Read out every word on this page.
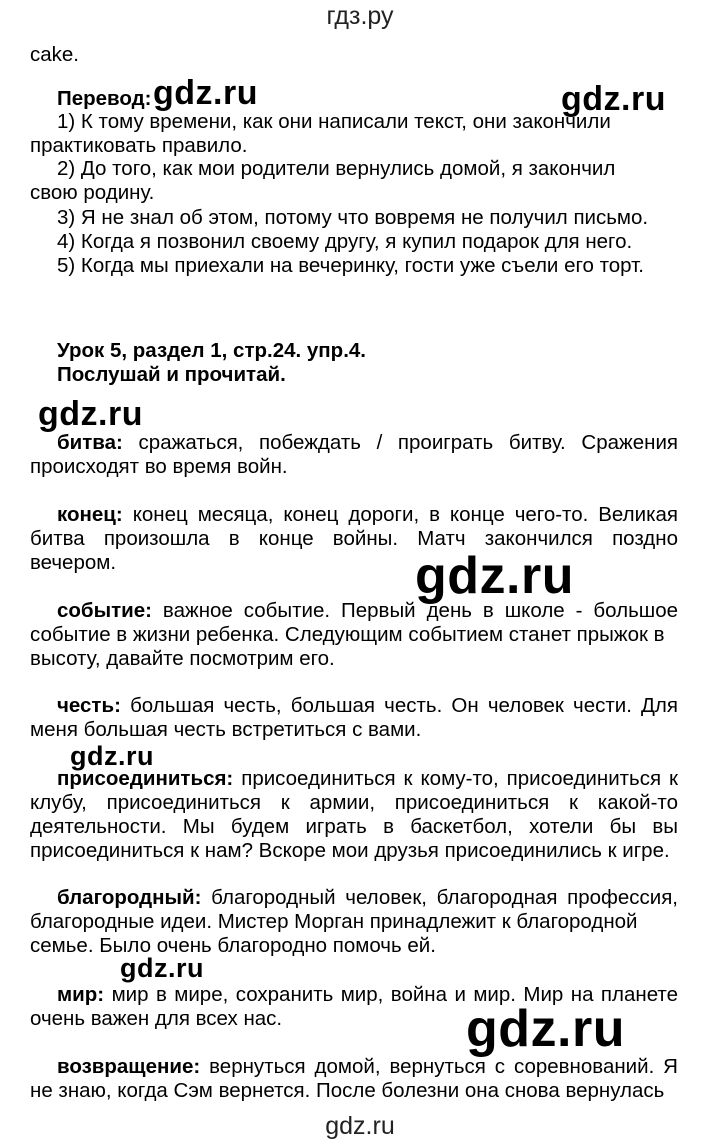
гдз.ру
gdz.ru
gdz.ru	gdz.ru
gdz.ru
gdz.ru
gdz.ru
gdz.ru
gdz.ru
cake.
Перевод:
1) К тому времени, как они написали текст, они закончили
практиковать правило.
2) До того, как мои родители вернулись домой, я закончил
свою родину.
3) Я не знал об этом, потому что вовремя не получил письмо.
4) Когда я позвонил своему другу, я купил подарок для него.
5) Когда мы приехали на вечеринку, гости уже съели его торт.
Урок 5, раздел 1, стр.24. упр.4.
Послушай и прочитай.
битва: сражаться, побеждать / проиграть битву. Сражения
происходят во время войн.
конец: конец месяца, конец дороги, в конце чего-то. Великая
битва произошла в конце войны. Матч закончился поздно
вечером.
событие: важное событие. Первый день в школе - большое
событие в жизни ребенка. Следующим событием станет прыжок в
высоту, давайте посмотрим его.
честь: большая честь, большая честь. Он человек чести. Для
меня большая честь встретиться с вами.
присоединиться: присоединиться к кому-то, присоединиться к
клубу, присоединиться к армии, присоединиться к какой-то
деятельности. Мы будем играть в баскетбол, хотели бы вы
присоединиться к нам? Вскоре мои друзья присоединились к игре.
благородный: благородный человек, благородная профессия,
благородные идеи. Мистер Морган принадлежит к благородной
семье. Было очень благородно помочь ей.
мир: мир в мире, сохранить мир, война и мир. Мир на планете
очень важен для всех нас.
возвращение: вернуться домой, вернуться с соревнований. Я
не знаю, когда Сэм вернется. После болезни она снова вернулась
